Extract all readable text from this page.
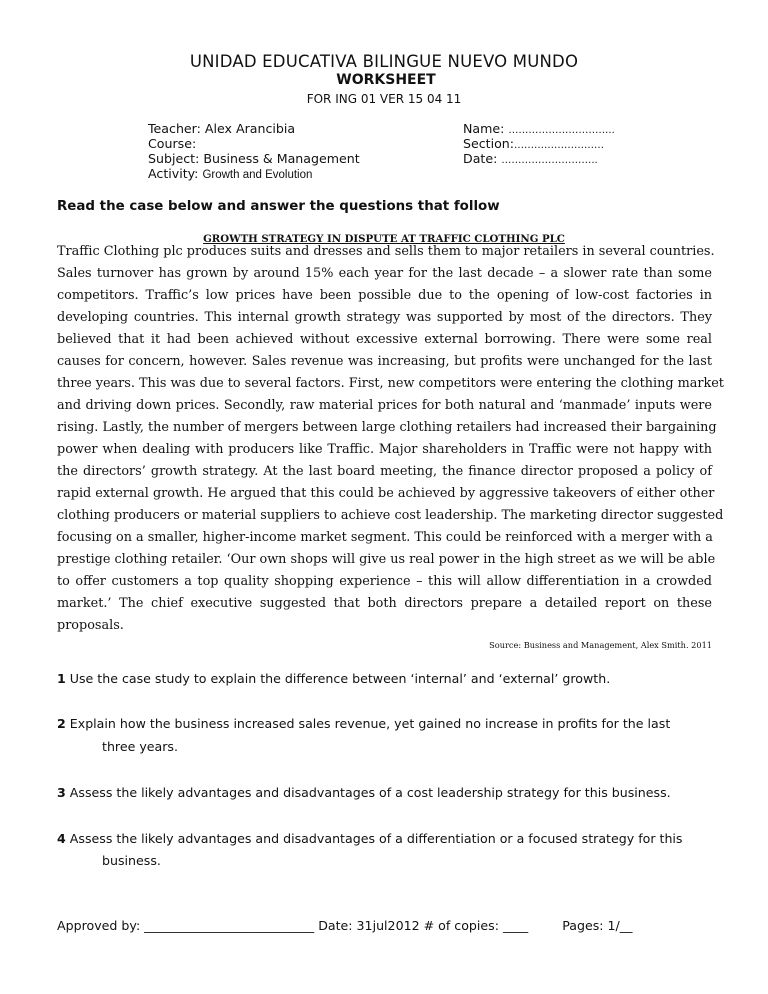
UNIDAD EDUCATIVA BILINGUE NUEVO MUNDO
WORKSHEET
FOR ING 01 VER 15 04 11
Teacher: Alex Arancibia
Course:
Subject: Business & Management
Activity: Growth and Evolution
Name: …………………………..
Section:………………………
Date: ………………………..
Read the case below and answer the questions that follow
GROWTH STRATEGY IN DISPUTE AT TRAFFIC CLOTHING PLC
Traffic Clothing plc produces suits and dresses and sells them to major retailers in several countries.
Sales turnover has grown by around 15% each year for the last decade – a slower rate than some
competitors. Traffic’s low prices have been possible due to the opening of low-cost factories in
developing countries. This internal growth strategy was supported by most of the directors. They
believed that it had been achieved without excessive external borrowing. There were some real
causes for concern, however. Sales revenue was increasing, but profits were unchanged for the last
three years. This was due to several factors. First, new competitors were entering the clothing market
and driving down prices. Secondly, raw material prices for both natural and ‘manmade’ inputs were
rising. Lastly, the number of mergers between large clothing retailers had increased their bargaining
power when dealing with producers like Traffic. Major shareholders in Traffic were not happy with
the directors’ growth strategy. At the last board meeting, the finance director proposed a policy of
rapid external growth. He argued that this could be achieved by aggressive takeovers of either other
clothing producers or material suppliers to achieve cost leadership. The marketing director suggested
focusing on a smaller, higher-income market segment. This could be reinforced with a merger with a
prestige clothing retailer. ‘Our own shops will give us real power in the high street as we will be able
to offer customers a top quality shopping experience – this will allow differentiation in a crowded
market.’ The chief executive suggested that both directors prepare a detailed report on these
proposals.
Source: Business and Management, Alex Smith. 2011
1 Use the case study to explain the difference between ‘internal’ and ‘external’ growth.
2 Explain how the business increased sales revenue, yet gained no increase in profits for the last
three years.
3 Assess the likely advantages and disadvantages of a cost leadership strategy for this business.
4 Assess the likely advantages and disadvantages of a differentiation or a focused strategy for this
business.
Approved by: ___________________________ Date: 31jul2012 # of copies: ____	Pages: 1/__
